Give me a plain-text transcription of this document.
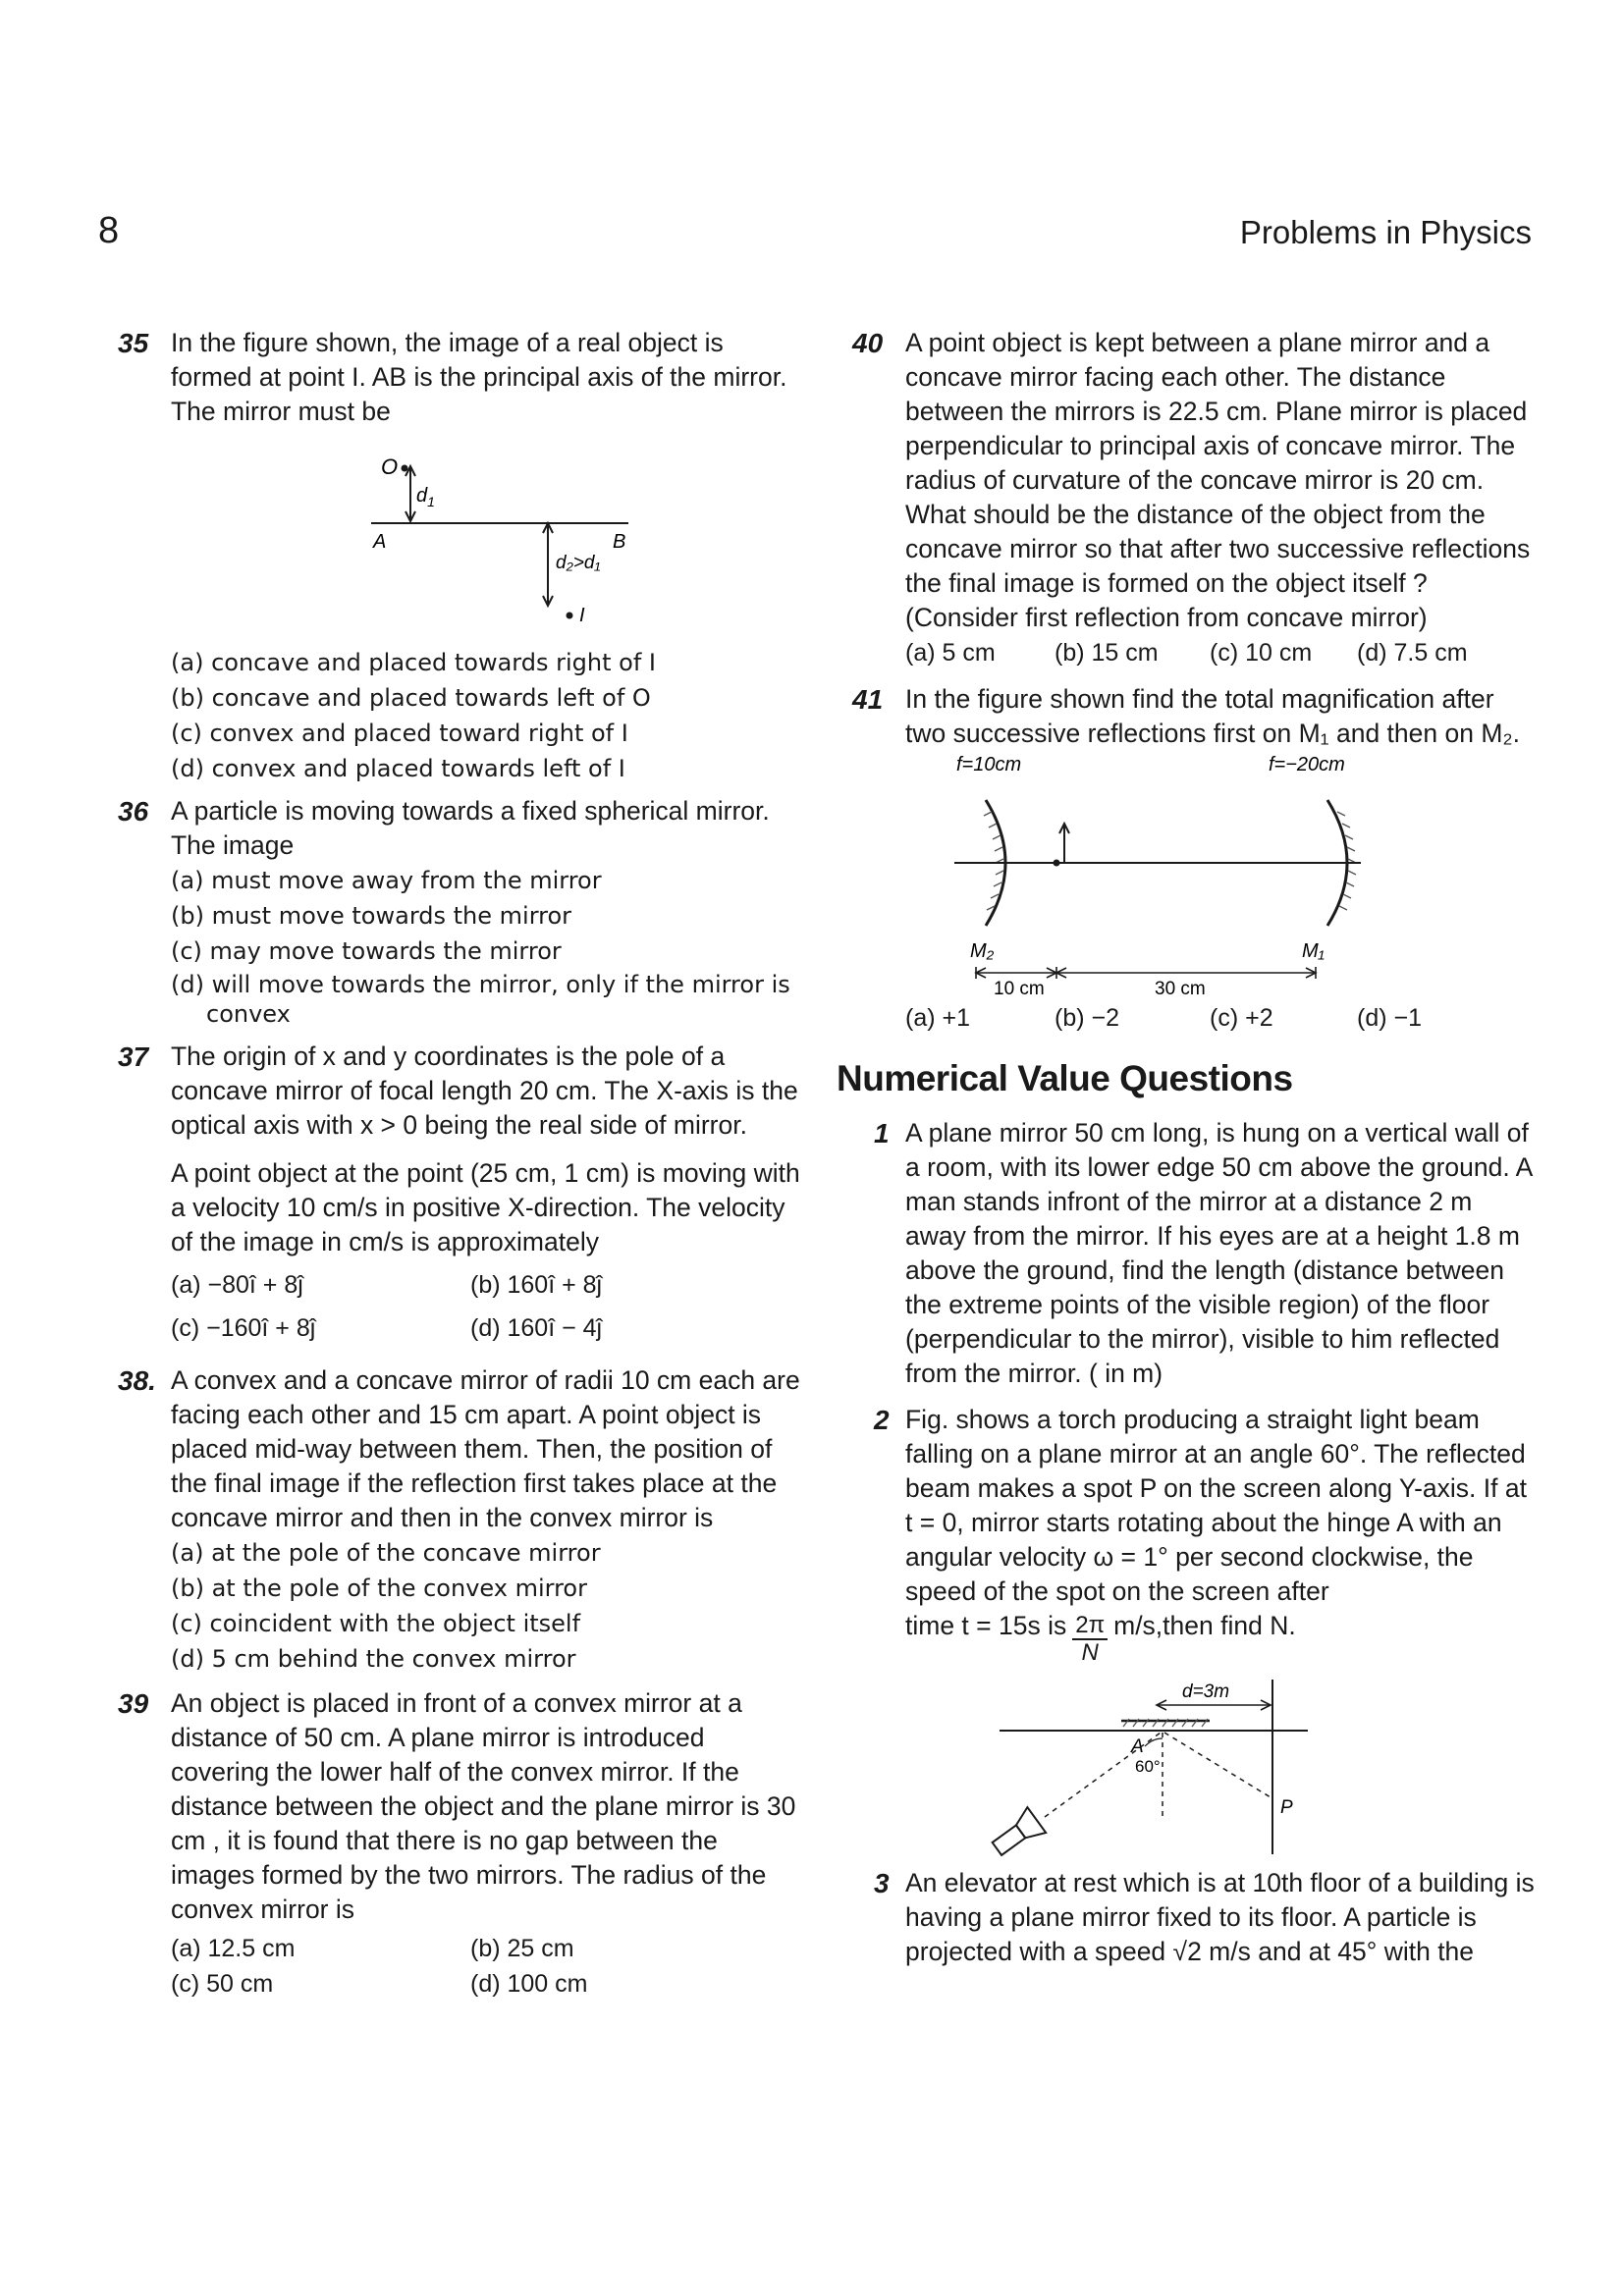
8	Problems in Physics
35 In the figure shown, the image of a real object is formed at point I. AB is the principal axis of the mirror. The mirror must be

O
$d_1$
A	B
d₂>d₁
I
(a) concave and placed towards right of I
(b) concave and placed towards left of O
(c) convex and placed toward right of I
(d) convex and placed towards left of I
36 A particle is moving towards a fixed spherical mirror. The image

(a) must move away from the mirror
(b) must move towards the mirror
(c) may move towards the mirror
(d) will move towards the mirror, only if the mirror is
convex
37 The origin of x and y coordinates is the pole of a concave mirror of focal length 20 cm. The X-axis is the optical axis with x > 0 being the real side of mirror.

A point object at the point (25 cm, 1 cm) is moving with a velocity 10 cm/s in positive X-direction. The velocity of the image in cm/s is approximately

(a) −80î + 8ĵ	(b) 160î + 8ĵ
(c) −160î + 8ĵ	(d) 160î − 4ĵ
38. A convex and a concave mirror of radii 10 cm each are facing each other and 15 cm apart. A point object is placed mid-way between them. Then, the position of the final image if the reflection first takes place at the concave mirror and then in the convex mirror is

(a) at the pole of the concave mirror
(b) at the pole of the convex mirror
(c) coincident with the object itself
(d) 5 cm behind the convex mirror
39 An object is placed in front of a convex mirror at a distance of 50 cm. A plane mirror is introduced covering the lower half of the convex mirror. If the distance between the object and the plane mirror is 30 cm , it is found that there is no gap between the images formed by the two mirrors. The radius of the convex mirror is

(a) 12.5 cm	(b) 25 cm
(c) 50 cm	(d) 100 cm
40 A point object is kept between a plane mirror and a concave mirror facing each other. The distance between the mirrors is 22.5 cm. Plane mirror is placed perpendicular to principal axis of concave mirror. The radius of curvature of the concave mirror is 20 cm. What should be the distance of the object from the concave mirror so that after two successive reflections the final image is formed on the object itself ? (Consider first reflection from concave mirror)

(a) 5 cm	(b) 15 cm	(c) 10 cm	(d) 7.5 cm
41 In the figure shown find the total magnification after two successive reflections first on M₁ and then on M₂.

f=10cm	f=−20cm
M₂	M₁
10 cm	30 cm
(a) +1	(b) −2	(c) +2	(d) −1
Numerical Value Questions
1 A plane mirror 50 cm long, is hung on a vertical wall of a room, with its lower edge 50 cm above the ground. A man stands infront of the mirror at a distance 2 m away from the mirror. If his eyes are at a height 1.8 m above the ground, find the length (distance between the extreme points of the visible region) of the floor (perpendicular to the mirror), visible to him reflected from the mirror. ( in m)

2 Fig. shows a torch producing a straight light beam falling on a plane mirror at an angle 60°. The reflected beam makes a spot P on the screen along Y-axis. If at t = 0, mirror starts rotating about the hinge A with an angular velocity ω = 1° per second clockwise, the speed of the spot on the screen after
time t = 15s is $\frac{2\pi}{N}$ m/s,then find N.

d=3m
A
60°
P
3 An elevator at rest which is at 10th floor of a building is having a plane mirror fixed to its floor. A particle is projected with a speed √2 m/s and at 45° with the
